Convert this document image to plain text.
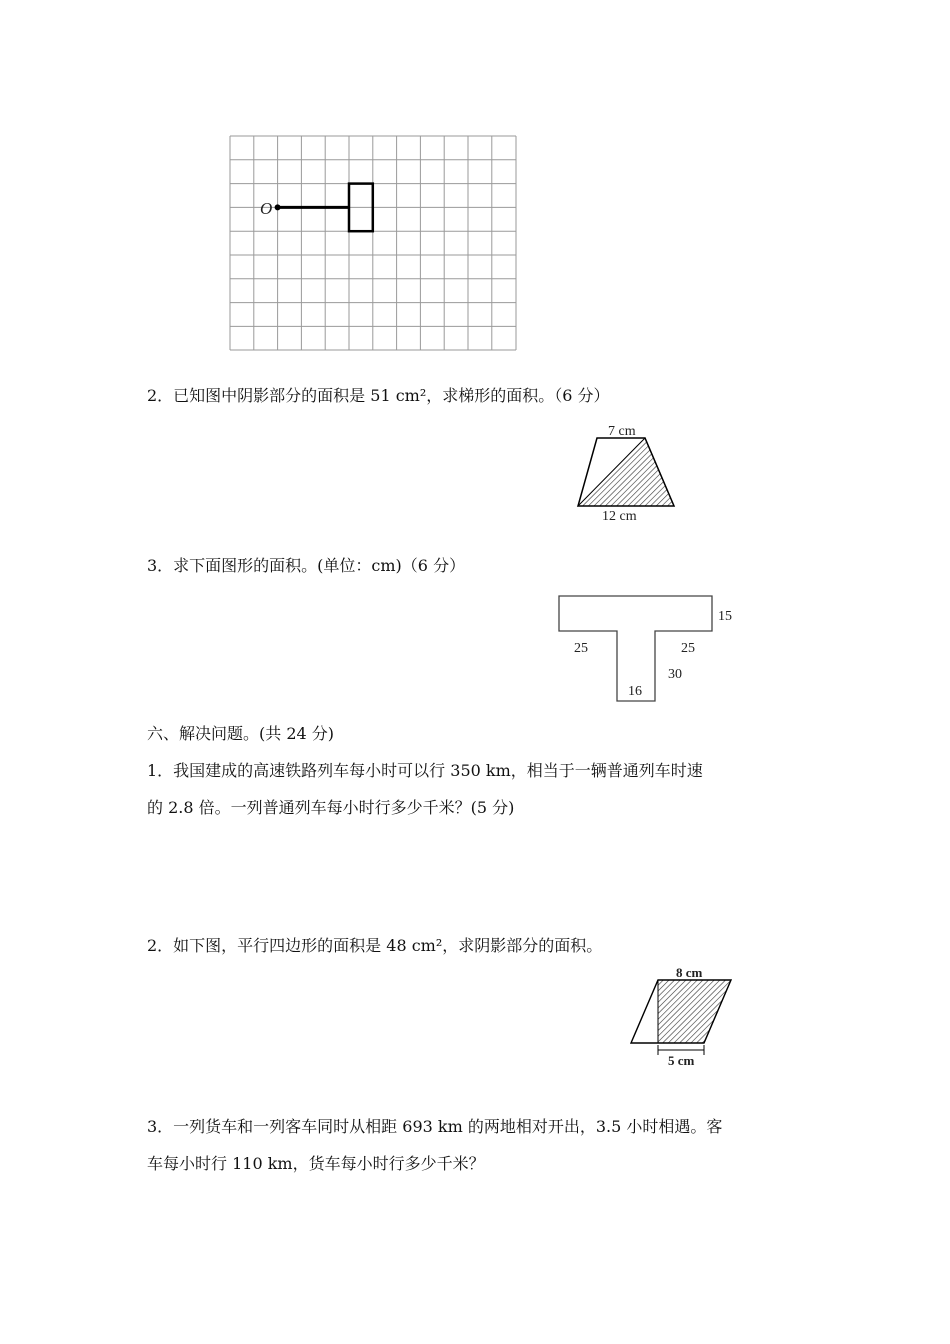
O
2．已知图中阴影部分的面积是 51 cm²，求梯形的面积。（6 分）
7 cm
12 cm
3．求下面图形的面积。(单位：cm)（6 分）
15
25	25
30
16
六、解决问题。(共 24 分)
1．我国建成的高速铁路列车每小时可以行 350 km，相当于一辆普通列车时速
的 2.8 倍。一列普通列车每小时行多少千米？(5 分)
2．如下图，平行四边形的面积是 48 cm²，求阴影部分的面积。
8 cm
5 cm
3．一列货车和一列客车同时从相距 693 km 的两地相对开出，3.5 小时相遇。客
车每小时行 110 km，货车每小时行多少千米？
